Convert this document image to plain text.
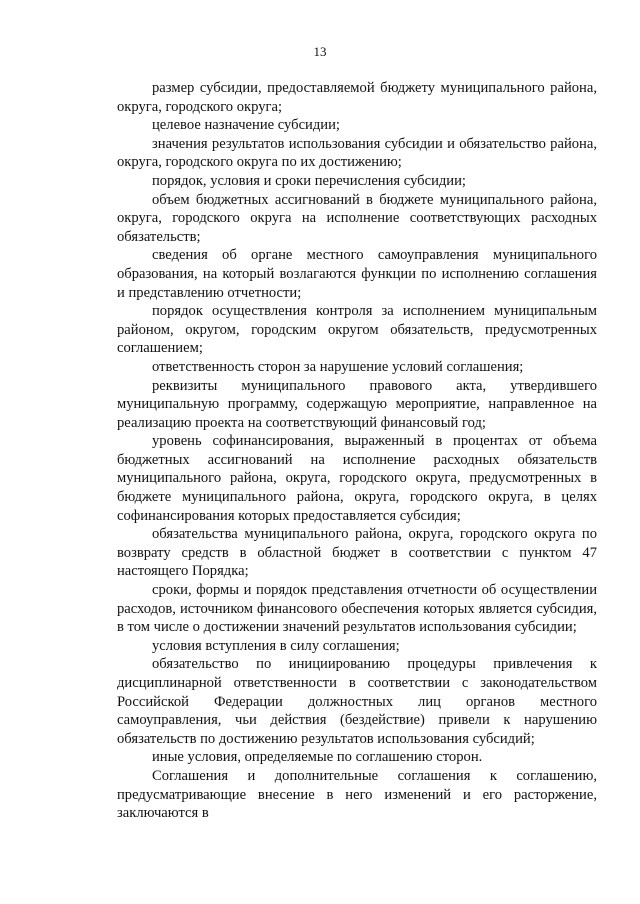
13

размер субсидии, предоставляемой бюджету муниципального района, округа, городского округа;

целевое назначение субсидии;

значения результатов использования субсидии и обязательство района, округа, городского округа по их достижению;

порядок, условия и сроки перечисления субсидии;

объем бюджетных ассигнований в бюджете муниципального района, округа, городского округа на исполнение соответствующих расходных обязательств;

сведения об органе местного самоуправления муниципального образования, на который возлагаются функции по исполнению соглашения и представлению отчетности;

порядок осуществления контроля за исполнением муниципальным районом, округом, городским округом обязательств, предусмотренных соглашением;

ответственность сторон за нарушение условий соглашения;

реквизиты муниципального правового акта, утвердившего муниципальную программу, содержащую мероприятие, направленное на реализацию проекта на соответствующий финансовый год;

уровень софинансирования, выраженный в процентах от объема бюджетных ассигнований на исполнение расходных обязательств муниципального района, округа, городского округа, предусмотренных в бюджете муниципального района, округа, городского округа, в целях софинансирования которых предоставляется субсидия;

обязательства муниципального района, округа, городского округа по возврату средств в областной бюджет в соответствии с пунктом 47 настоящего Порядка;

сроки, формы и порядок представления отчетности об осуществлении расходов, источником финансового обеспечения которых является субсидия, в том числе о достижении значений результатов использования субсидии;

условия вступления в силу соглашения;

обязательство по инициированию процедуры привлечения к дисциплинарной ответственности в соответствии с законодательством Российской Федерации должностных лиц органов местного самоуправления, чьи действия (бездействие) привели к нарушению обязательств по достижению результатов использования субсидий;

иные условия, определяемые по соглашению сторон.

Соглашения и дополнительные соглашения к соглашению, предусматривающие внесение в него изменений и его расторжение, заключаются в
